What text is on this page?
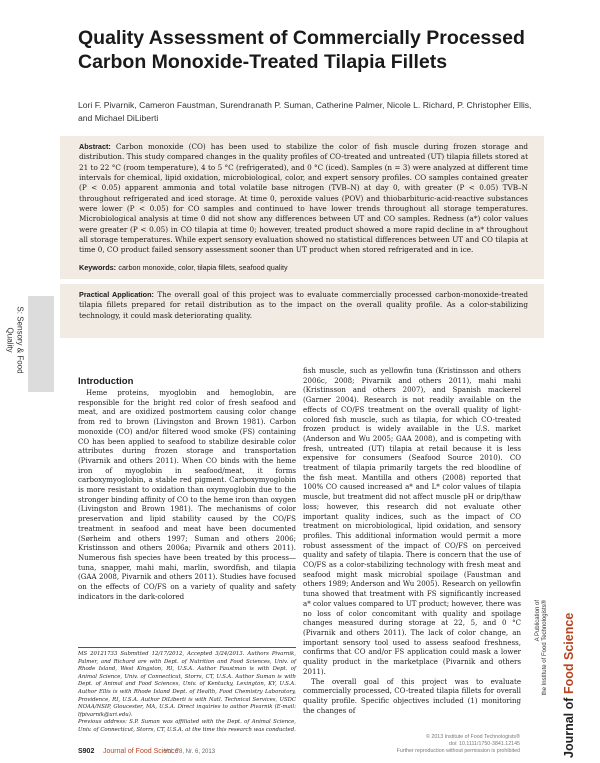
Quality Assessment of Commercially Processed
Carbon Monoxide-Treated Tilapia Fillets
Lori F. Pivarnik, Cameron Faustman, Surendranath P. Suman, Catherine Palmer, Nicole L. Richard, P. Christopher Ellis,
and Michael DiLiberti

Abstract: Carbon monoxide (CO) has been used to stabilize the color of fish muscle during frozen storage and distribution. This study compared changes in the quality profiles of CO-treated and untreated (UT) tilapia fillets stored at 21 to 22 °C (room temperature), 4 to 5 °C (refrigerated), and 0 °C (iced). Samples (n = 3) were analyzed at different time intervals for chemical, lipid oxidation, microbiological, color, and expert sensory profiles. CO samples contained greater (P < 0.05) apparent ammonia and total volatile base nitrogen (TVB–N) at day 0, with greater (P < 0.05) TVB–N throughout refrigerated and iced storage. At time 0, peroxide values (POV) and thiobarbituric-acid-reactive substances were lower (P < 0.05) for CO samples and continued to have lower trends throughout all storage temperatures. Microbiological analysis at time 0 did not show any differences between UT and CO samples. Redness (a*) color values were greater (P < 0.05) in CO tilapia at time 0; however, treated product showed a more rapid decline in a* throughout all storage temperatures. While expert sensory evaluation showed no statistical differences between UT and CO tilapia at time 0, CO product failed sensory assessment sooner than UT product when stored refrigerated and in ice.

Keywords: carbon monoxide, color, tilapia fillets, seafood quality

Practical Application: The overall goal of this project was to evaluate commercially processed carbon-monoxide-treated tilapia fillets prepared for retail distribution as to the impact on the overall quality profile. As a color-stabilizing technology, it could mask deteriorating quality.

S: Sensory & Food
Quality
Introduction

Heme proteins, myoglobin and hemoglobin, are responsible for the bright red color of fresh seafood and meat, and are oxidized postmortem causing color change from red to brown (Livingston and Brown 1981). Carbon monoxide (CO) and/or filtered wood smoke (FS) containing CO has been applied to seafood to stabilize desirable color attributes during frozen storage and transportation (Pivarnik and others 2011). When CO binds with the heme iron of myoglobin in seafood/meat, it forms carboxymyoglobin, a stable red pigment. Carboxymyoglobin is more resistant to oxidation than oxymyoglobin due to the stronger binding affinity of CO to the heme iron than oxygen (Livingston and Brown 1981). The mechanisms of color preservation and lipid stability caused by the CO/FS treatment in seafood and meat have been documented (Sørheim and others 1997; Suman and others 2006; Kristinsson and others 2006a; Pivarnik and others 2011). Numerous fish species have been treated by this process—tuna, snapper, mahi mahi, marlin, swordfish, and tilapia (GAA 2008, Pivarnik and others 2011). Studies have focused on the effects of CO/FS on a variety of quality and safety indicators in the dark-colored

MS 20121733 Submitted 12/17/2012, Accepted 3/24/2013. Authors Pivarnik, Palmer, and Richard are with Dept. of Nutrition and Food Sciences, Univ. of Rhode Island, West Kingston, RI, U.S.A. Author Faustman is with Dept. of Animal Science, Univ. of Connecticut, Storrs, CT, U.S.A. Author Suman is with Dept. of Animal and Food Sciences, Univ. of Kentucky, Lexington, KY, U.S.A. Author Ellis is with Rhode Island Dept. of Health, Food Chemistry Laboratory, Providence, RI, U.S.A. Author DiLiberti is with Natl. Technical Services, USDC NOAA/NSIP, Gloucester, MA, U.S.A. Direct inquiries to author Pivarnik (E-mail: lfpivarnik@uri.edu).

Previous address: S.P. Suman was affiliated with the Dept. of Animal Science, Univ. of Connecticut, Storrs, CT, U.S.A. at the time this research was conducted.

fish muscle, such as yellowfin tuna (Kristinsson and others 2006c, 2008; Pivarnik and others 2011), mahi mahi (Kristinsson and others 2007), and Spanish mackerel (Garner 2004). Research is not readily available on the effects of CO/FS treatment on the overall quality of light-colored fish muscle, such as tilapia, for which CO-treated frozen product is widely available in the U.S. market (Anderson and Wu 2005; GAA 2008), and is competing with fresh, untreated (UT) tilapia at retail because it is less expensive for consumers (Seafood Source 2010). CO treatment of tilapia primarily targets the red bloodline of the fish meat. Mantilla and others (2008) reported that 100% CO caused increased a* and L* color values of tilapia muscle, but treatment did not affect muscle pH or drip/thaw loss; however, this research did not evaluate other important quality indices, such as the impact of CO treatment on microbiological, lipid oxidation, and sensory profiles. This additional information would permit a more robust assessment of the impact of CO/FS on perceived quality and safety of tilapia. There is concern that the use of CO/FS as a color-stabilizing technology with fresh meat and seafood might mask microbial spoilage (Faustman and others 1989; Anderson and Wu 2005). Research on yellowfin tuna showed that treatment with FS significantly increased a* color values compared to UT product; however, there was no loss of color concomitant with quality and spoilage changes measured during storage at 22, 5, and 0 °C (Pivarnik and others 2011). The lack of color change, an important sensory tool used to assess seafood freshness, confirms that CO and/or FS application could mask a lower quality product in the marketplace (Pivarnik and others 2011).

The overall goal of this project was to evaluate commercially processed, CO-treated tilapia fillets for overall quality profile. Specific objectives included (1) monitoring the changes of

A Publication of the Institute of Food Technologists®
Journal of
Food Science
S902 Journal of Food Science
Vol. 78, Nr. 6, 2013
© 2013 Institute of Food Technologists®
doi: 10.1111/1750-3841.12145
Further reproduction without permission is prohibited
